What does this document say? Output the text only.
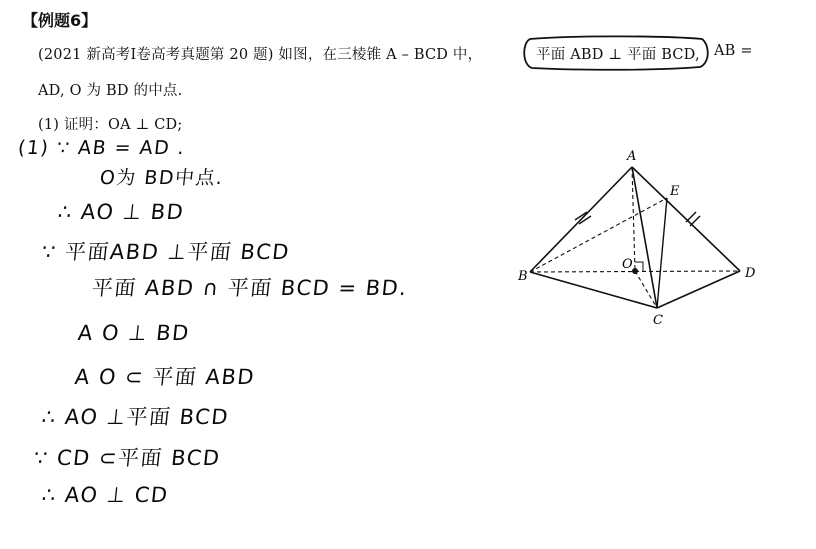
【例题6】
(2021 新高考Ⅰ卷高考真题第 20 题) 如图，在三棱锥 A – BCD 中，	平面 ABD ⊥ 平面 BCD, AB =
AD, O 为 BD 的中点.
(1) 证明：OA ⊥ CD;
(1) ∵ AB = AD .
O为 BD中点.
∴ AO ⊥ BD
∵ 平面ABD ⊥平面 BCD
平面 ABD ∩ 平面 BCD = BD.
A O ⊥ BD
A O ⊂ 平面 ABD
∴ AO ⊥平面 BCD
∵ CD ⊂平面 BCD
∴ AO ⊥ CD
A
B
C
D
E
O
